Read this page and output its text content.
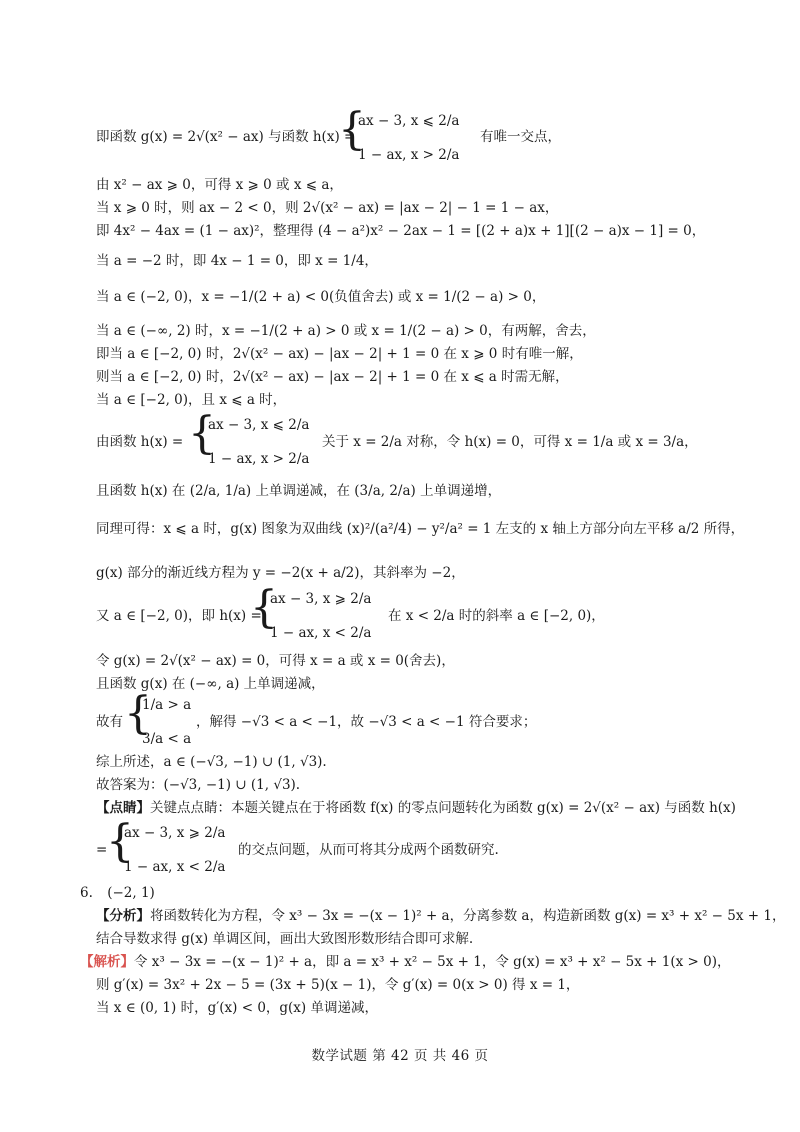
即函数 g(x) = 2√(x² − ax) 与函数 h(x) =
{
ax − 3, x ⩽ 2/a
1 − ax, x > 2/a
有唯一交点，
由 x² − ax ⩾ 0，可得 x ⩾ 0 或 x ⩽ a，
当 x ⩾ 0 时，则 ax − 2 < 0，则 2√(x² − ax) = |ax − 2| − 1 = 1 − ax，
即 4x² − 4ax = (1 − ax)²，整理得 (4 − a²)x² − 2ax − 1 = [(2 + a)x + 1][(2 − a)x − 1] = 0，
当 a = −2 时，即 4x − 1 = 0，即 x = 1/4，
当 a ∈ (−2, 0)，x = −1/(2 + a) < 0(负值舍去) 或 x = 1/(2 − a) > 0，
当 a ∈ (−∞, 2) 时，x = −1/(2 + a) > 0 或 x = 1/(2 − a) > 0，有两解，舍去，
即当 a ∈ [−2, 0) 时，2√(x² − ax) − |ax − 2| + 1 = 0 在 x ⩾ 0 时有唯一解，
则当 a ∈ [−2, 0) 时，2√(x² − ax) − |ax − 2| + 1 = 0 在 x ⩽ a 时需无解，
当 a ∈ [−2, 0)，且 x ⩽ a 时，
由函数 h(x) = {
ax − 3, x ⩽ 2/a
1 − ax, x > 2/a
关于 x = 2/a 对称，令 h(x) = 0，可得 x = 1/a 或 x = 3/a，
且函数 h(x) 在 (2/a, 1/a) 上单调递减，在 (3/a, 2/a) 上单调递增，
同理可得：x ⩽ a 时，g(x) 图象为双曲线 (x)²/(a²/4) − y²/a² = 1 左支的 x 轴上方部分向左平移 a/2 所得，
g(x) 部分的渐近线方程为 y = −2(x + a/2)，其斜率为 −2，
又 a ∈ [−2, 0)，即 h(x) =
{
ax − 3, x ⩾ 2/a
1 − ax, x < 2/a
在 x < 2/a 时的斜率 a ∈ [−2, 0)，
令 g(x) = 2√(x² − ax) = 0，可得 x = a 或 x = 0(舍去)，
且函数 g(x) 在 (−∞, a) 上单调递减，
故有 {
1/a > a
3/a < a
，解得 −√3 < a < −1，故 −√3 < a < −1 符合要求；
综上所述，a ∈ (−√3, −1) ∪ (1, √3).
故答案为：(−√3, −1) ∪ (1, √3).
【点睛】关键点点睛：本题关键点在于将函数 f(x) 的零点问题转化为函数 g(x) = 2√(x² − ax) 与函数 h(x)
=
{
ax − 3, x ⩾ 2/a
1 − ax, x < 2/a
的交点问题，从而可将其分成两个函数研究.
6. (−2, 1)
【分析】将函数转化为方程，令 x³ − 3x = −(x − 1)² + a，分离参数 a，构造新函数 g(x) = x³ + x² − 5x + 1，
结合导数求得 g(x) 单调区间，画出大致图形数形结合即可求解.
【解析】令 x³ − 3x = −(x − 1)² + a，即 a = x³ + x² − 5x + 1，令 g(x) = x³ + x² − 5x + 1(x > 0)，
则 g′(x) = 3x² + 2x − 5 = (3x + 5)(x − 1)，令 g′(x) = 0(x > 0) 得 x = 1，
当 x ∈ (0, 1) 时，g′(x) < 0，g(x) 单调递减，
数学试题 第 42 页 共 46 页
